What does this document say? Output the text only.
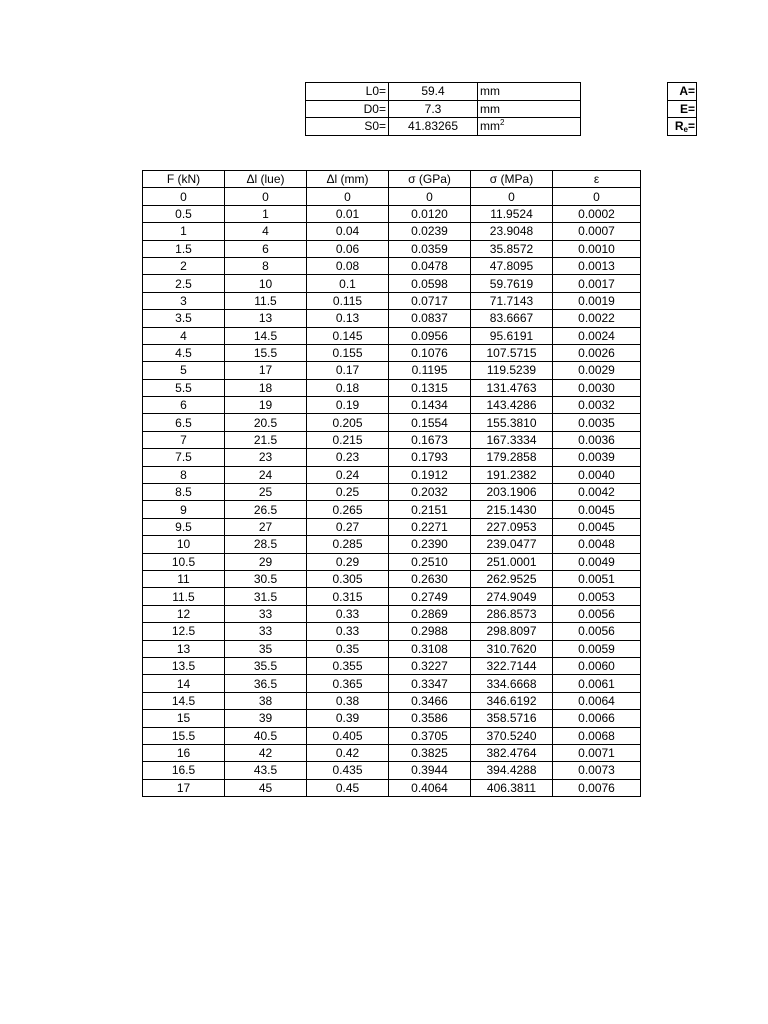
L0=	59.4	mm
D0=	7.3	mm
S0=	41.83265	$mm^2$
A=
E=
$R_e=$
F (kN)	Δl (lue)	Δl (mm)	σ (GPa)	σ (MPa)	ε
0	0	0	0	0	0
0.5	1	0.01	0.0120	11.9524	0.0002
1	4	0.04	0.0239	23.9048	0.0007
1.5	6	0.06	0.0359	35.8572	0.0010
2	8	0.08	0.0478	47.8095	0.0013
2.5	10	0.1	0.0598	59.7619	0.0017
3	11.5	0.115	0.0717	71.7143	0.0019
3.5	13	0.13	0.0837	83.6667	0.0022
4	14.5	0.145	0.0956	95.6191	0.0024
4.5	15.5	0.155	0.1076	107.5715	0.0026
5	17	0.17	0.1195	119.5239	0.0029
5.5	18	0.18	0.1315	131.4763	0.0030
6	19	0.19	0.1434	143.4286	0.0032
6.5	20.5	0.205	0.1554	155.3810	0.0035
7	21.5	0.215	0.1673	167.3334	0.0036
7.5	23	0.23	0.1793	179.2858	0.0039
8	24	0.24	0.1912	191.2382	0.0040
8.5	25	0.25	0.2032	203.1906	0.0042
9	26.5	0.265	0.2151	215.1430	0.0045
9.5	27	0.27	0.2271	227.0953	0.0045
10	28.5	0.285	0.2390	239.0477	0.0048
10.5	29	0.29	0.2510	251.0001	0.0049
11	30.5	0.305	0.2630	262.9525	0.0051
11.5	31.5	0.315	0.2749	274.9049	0.0053
12	33	0.33	0.2869	286.8573	0.0056
12.5	33	0.33	0.2988	298.8097	0.0056
13	35	0.35	0.3108	310.7620	0.0059
13.5	35.5	0.355	0.3227	322.7144	0.0060
14	36.5	0.365	0.3347	334.6668	0.0061
14.5	38	0.38	0.3466	346.6192	0.0064
15	39	0.39	0.3586	358.5716	0.0066
15.5	40.5	0.405	0.3705	370.5240	0.0068
16	42	0.42	0.3825	382.4764	0.0071
16.5	43.5	0.435	0.3944	394.4288	0.0073
17	45	0.45	0.4064	406.3811	0.0076
